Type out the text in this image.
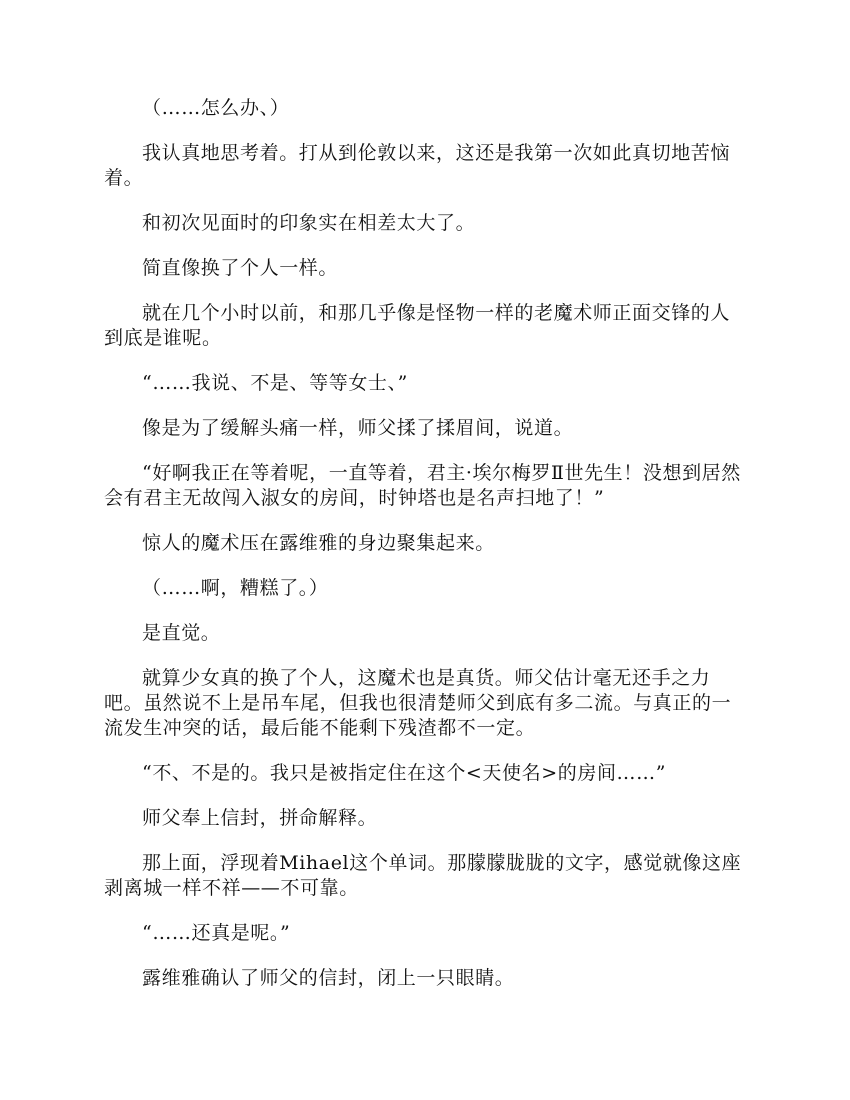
（……怎么办、）

我认真地思考着。打从到伦敦以来，这还是我第一次如此真切地苦恼着。

和初次见面时的印象实在相差太大了。

简直像换了个人一样。

就在几个小时以前，和那几乎像是怪物一样的老魔术师正面交锋的人到底是谁呢。

“……我说、不是、等等女士、”

像是为了缓解头痛一样，师父揉了揉眉间，说道。

“好啊我正在等着呢，一直等着，君主·埃尔梅罗Ⅱ世先生！没想到居然会有君主无故闯入淑女的房间，时钟塔也是名声扫地了！”

惊人的魔术压在露维雅的身边聚集起来。

（……啊，糟糕了。）

是直觉。

就算少女真的换了个人，这魔术也是真货。师父估计毫无还手之力吧。虽然说不上是吊车尾，但我也很清楚师父到底有多二流。与真正的一流发生冲突的话，最后能不能剩下残渣都不一定。

“不、不是的。我只是被指定住在这个<天使名>的房间……”

师父奉上信封，拼命解释。

那上面，浮现着Mihael这个单词。那朦朦胧胧的文字，感觉就像这座剥离城一样不祥——不可靠。

“……还真是呢。”

露维雅确认了师父的信封，闭上一只眼睛。
